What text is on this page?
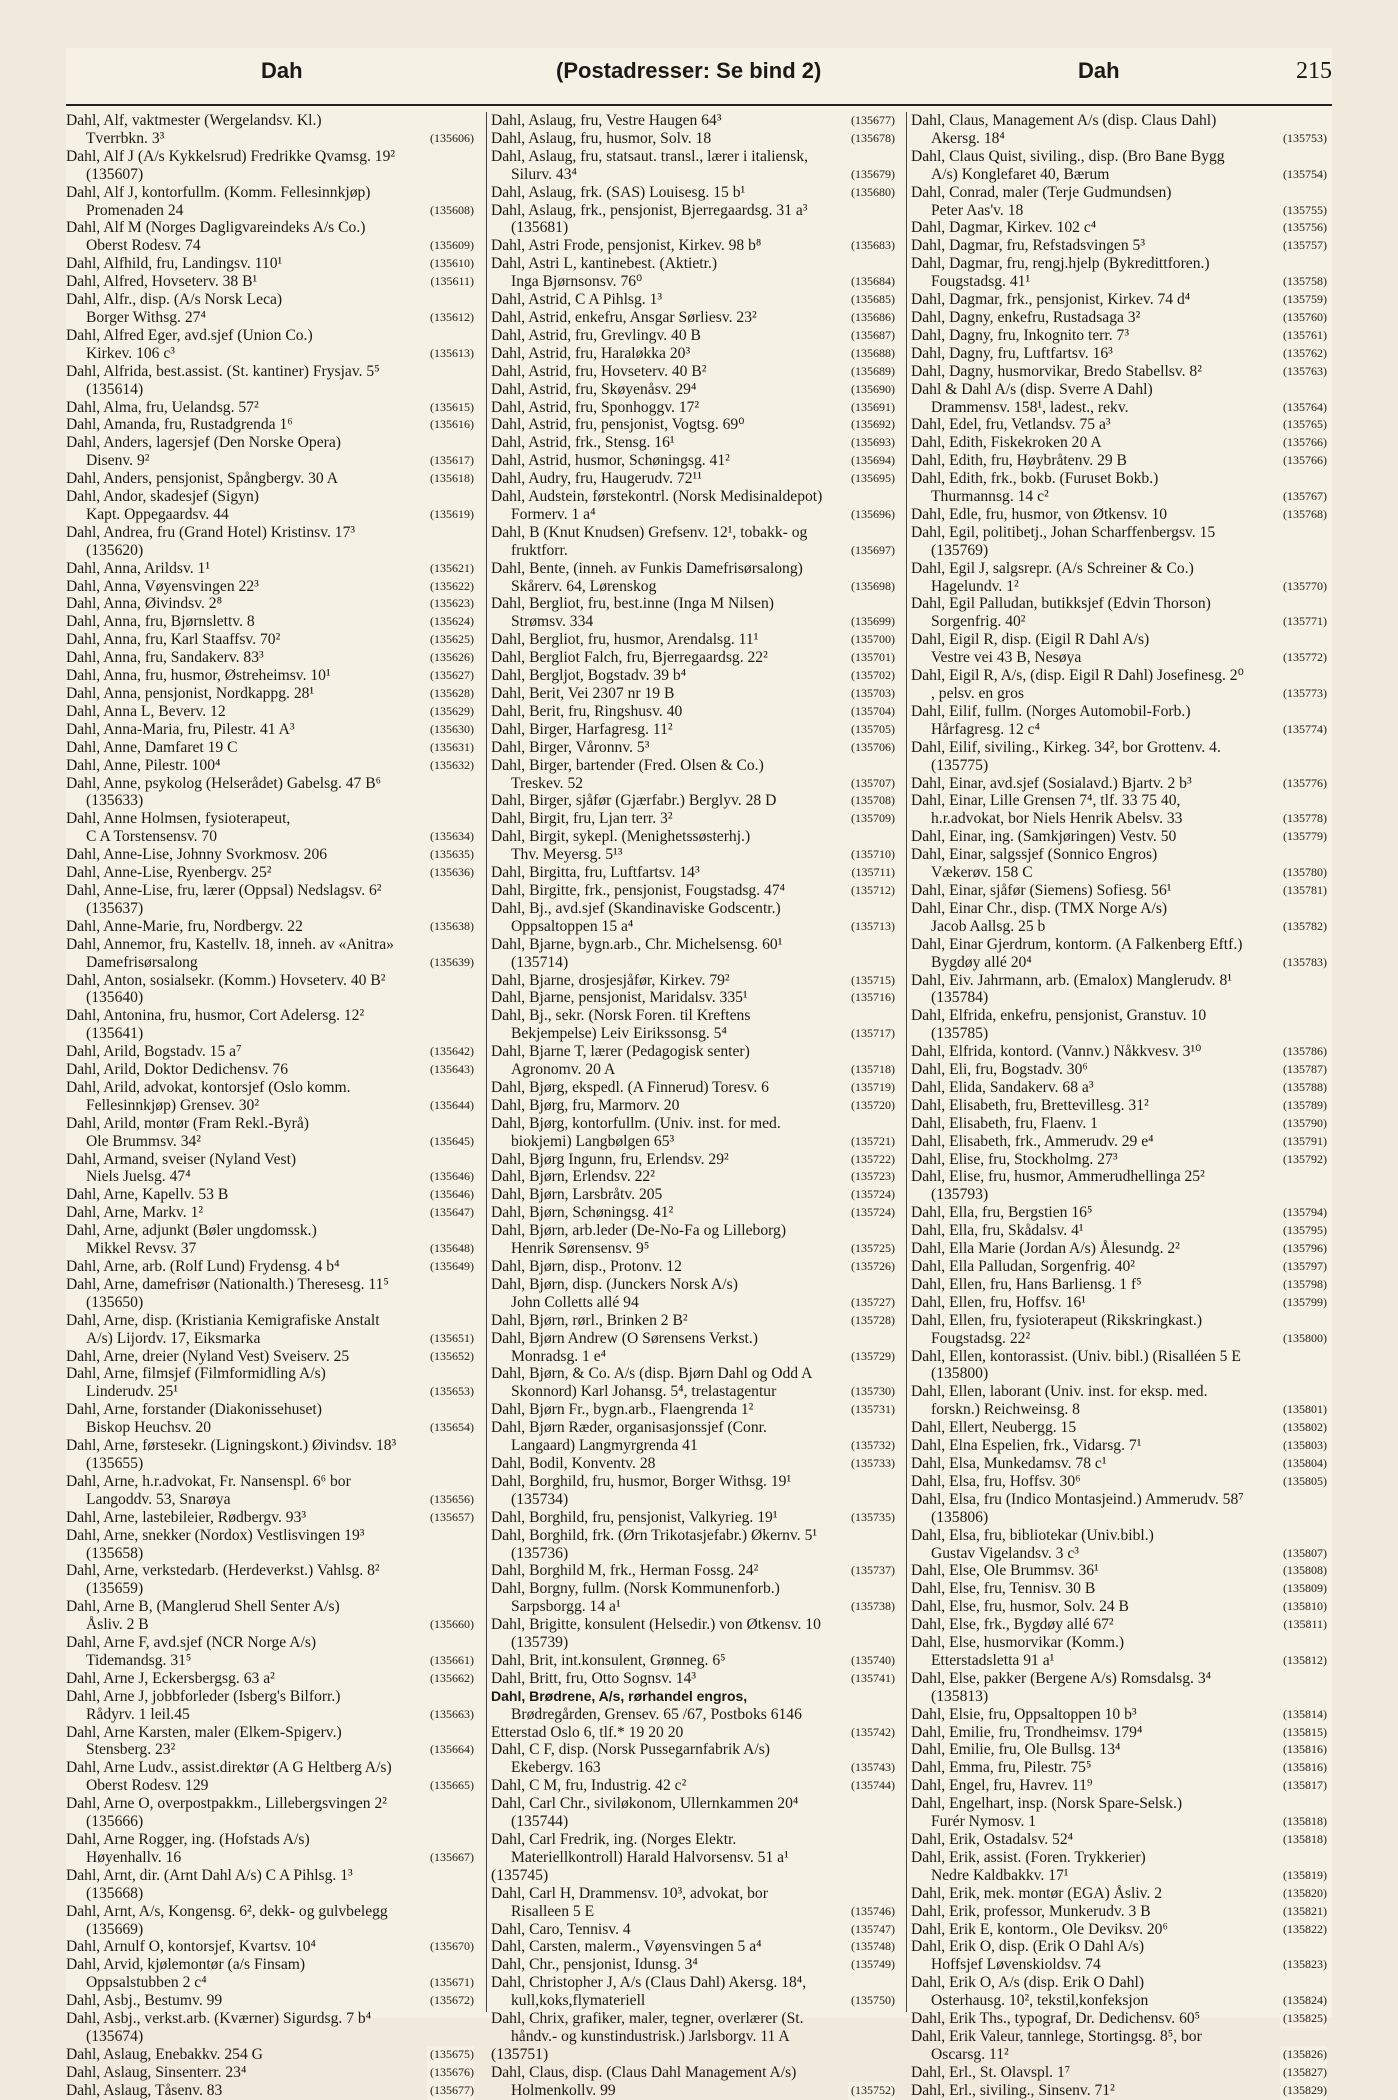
Dah	(Postadresser: Se bind 2)	Dah	215
Dahl, Alf, vaktmester (Wergelandsv. Kl.)
Tverrbkn. 3³	(135606)
Dahl, Alf J (A/s Kykkelsrud) Fredrikke Qvamsg. 19²
(135607)
Dahl, Alf J, kontorfullm. (Komm. Fellesinnkjøp)
Promenaden 24	(135608)
Dahl, Alf M (Norges Dagligvareindeks A/s Co.)
Oberst Rodesv. 74	(135609)
Dahl, Alfhild, fru, Landingsv. 110¹	(135610)
Dahl, Alfred, Hovseterv. 38 B¹	(135611)
Dahl, Alfr., disp. (A/s Norsk Leca)
Borger Withsg. 27⁴	(135612)
Dahl, Alfred Eger, avd.sjef (Union Co.)
Kirkev. 106 c³	(135613)
Dahl, Alfrida, best.assist. (St. kantiner) Frysjav. 5⁵
(135614)
Dahl, Alma, fru, Uelandsg. 57²	(135615)
Dahl, Amanda, fru, Rustadgrenda 1⁶	(135616)
Dahl, Anders, lagersjef (Den Norske Opera)
Disenv. 9²	(135617)
Dahl, Anders, pensjonist, Spångbergv. 30 A	(135618)
Dahl, Andor, skadesjef (Sigyn)
Kapt. Oppegaardsv. 44	(135619)
Dahl, Andrea, fru (Grand Hotel) Kristinsv. 17³
(135620)
Dahl, Anna, Arildsv. 1¹	(135621)
Dahl, Anna, Vøyensvingen 22³	(135622)
Dahl, Anna, Øivindsv. 2⁸	(135623)
Dahl, Anna, fru, Bjørnslettv. 8	(135624)
Dahl, Anna, fru, Karl Staaffsv. 70²	(135625)
Dahl, Anna, fru, Sandakerv. 83³	(135626)
Dahl, Anna, fru, husmor, Østreheimsv. 10¹	(135627)
Dahl, Anna, pensjonist, Nordkappg. 28¹	(135628)
Dahl, Anna L, Beverv. 12	(135629)
Dahl, Anna-Maria, fru, Pilestr. 41 A³	(135630)
Dahl, Anne, Damfaret 19 C	(135631)
Dahl, Anne, Pilestr. 100⁴	(135632)
Dahl, Anne, psykolog (Helserådet) Gabelsg. 47 B⁶
(135633)
Dahl, Anne Holmsen, fysioterapeut,
C A Torstensensv. 70	(135634)
Dahl, Anne-Lise, Johnny Svorkmosv. 206	(135635)
Dahl, Anne-Lise, Ryenbergv. 25²	(135636)
Dahl, Anne-Lise, fru, lærer (Oppsal) Nedslagsv. 6²
(135637)
Dahl, Anne-Marie, fru, Nordbergv. 22	(135638)
Dahl, Annemor, fru, Kastellv. 18, inneh. av «Anitra»
Damefrisørsalong	(135639)
Dahl, Anton, sosialsekr. (Komm.) Hovseterv. 40 B²
(135640)
Dahl, Antonina, fru, husmor, Cort Adelersg. 12²
(135641)
Dahl, Arild, Bogstadv. 15 a⁷	(135642)
Dahl, Arild, Doktor Dedichensv. 76	(135643)
Dahl, Arild, advokat, kontorsjef (Oslo komm.
Fellesinnkjøp) Grensev. 30²	(135644)
Dahl, Arild, montør (Fram Rekl.-Byrå)
Ole Brummsv. 34²	(135645)
Dahl, Armand, sveiser (Nyland Vest)
Niels Juelsg. 47⁴	(135646)
Dahl, Arne, Kapellv. 53 B	(135646)
Dahl, Arne, Markv. 1²	(135647)
Dahl, Arne, adjunkt (Bøler ungdomssk.)
Mikkel Revsv. 37	(135648)
Dahl, Arne, arb. (Rolf Lund) Frydensg. 4 b⁴	(135649)
Dahl, Arne, damefrisør (Nationalth.) Theresesg. 11⁵
(135650)
Dahl, Arne, disp. (Kristiania Kemigrafiske Anstalt
A/s) Lijordv. 17, Eiksmarka	(135651)
Dahl, Arne, dreier (Nyland Vest) Sveiserv. 25	(135652)
Dahl, Arne, filmsjef (Filmformidling A/s)
Linderudv. 25¹	(135653)
Dahl, Arne, forstander (Diakonissehuset)
Biskop Heuchsv. 20	(135654)
Dahl, Arne, førstesekr. (Ligningskont.) Øivindsv. 18³
(135655)
Dahl, Arne, h.r.advokat, Fr. Nansenspl. 6⁶ bor
Langoddv. 53, Snarøya	(135656)
Dahl, Arne, lastebileier, Rødbergv. 93³	(135657)
Dahl, Arne, snekker (Nordox) Vestlisvingen 19³
(135658)
Dahl, Arne, verkstedarb. (Herdeverkst.) Vahlsg. 8²
(135659)
Dahl, Arne B, (Manglerud Shell Senter A/s)
Åsliv. 2 B	(135660)
Dahl, Arne F, avd.sjef (NCR Norge A/s)
Tidemandsg. 31⁵	(135661)
Dahl, Arne J, Eckersbergsg. 63 a²	(135662)
Dahl, Arne J, jobbforleder (Isberg's Bilforr.)
Rådyrv. 1 leil.45	(135663)
Dahl, Arne Karsten, maler (Elkem-Spigerv.)
Stensberg. 23²	(135664)
Dahl, Arne Ludv., assist.direktør (A G Heltberg A/s)
Oberst Rodesv. 129	(135665)
Dahl, Arne O, overpostpakkm., Lillebergsvingen 2²
(135666)
Dahl, Arne Rogger, ing. (Hofstads A/s)
Høyenhallv. 16	(135667)
Dahl, Arnt, dir. (Arnt Dahl A/s) C A Pihlsg. 1³
(135668)
Dahl, Arnt, A/s, Kongensg. 6², dekk- og gulvbelegg
(135669)
Dahl, Arnulf O, kontorsjef, Kvartsv. 10⁴	(135670)
Dahl, Arvid, kjølemontør (a/s Finsam)
Oppsalstubben 2 c⁴	(135671)
Dahl, Asbj., Bestumv. 99	(135672)
Dahl, Asbj., verkst.arb. (Kværner) Sigurdsg. 7 b⁴
(135674)
Dahl, Aslaug, Enebakkv. 254 G	(135675)
Dahl, Aslaug, Sinsenterr. 23⁴	(135676)
Dahl, Aslaug, Tåsenv. 83	(135677)
Dahl, Aslaug, fru, Vestre Haugen 64³	(135677)
Dahl, Aslaug, fru, husmor, Solv. 18	(135678)
Dahl, Aslaug, fru, statsaut. transl., lærer i italiensk,
Silurv. 43⁴	(135679)
Dahl, Aslaug, frk. (SAS) Louisesg. 15 b¹	(135680)
Dahl, Aslaug, frk., pensjonist, Bjerregaardsg. 31 a³
(135681)
Dahl, Astri Frode, pensjonist, Kirkev. 98 b⁸	(135683)
Dahl, Astri L, kantinebest. (Aktietr.)
Inga Bjørnsonsv. 76⁰	(135684)
Dahl, Astrid, C A Pihlsg. 1³	(135685)
Dahl, Astrid, enkefru, Ansgar Sørliesv. 23²	(135686)
Dahl, Astrid, fru, Grevlingv. 40 B	(135687)
Dahl, Astrid, fru, Haraløkka 20³	(135688)
Dahl, Astrid, fru, Hovseterv. 40 B²	(135689)
Dahl, Astrid, fru, Skøyenåsv. 29⁴	(135690)
Dahl, Astrid, fru, Sponhoggv. 17²	(135691)
Dahl, Astrid, fru, pensjonist, Vogtsg. 69⁰	(135692)
Dahl, Astrid, frk., Stensg. 16¹	(135693)
Dahl, Astrid, husmor, Schøningsg. 41²	(135694)
Dahl, Audry, fru, Haugerudv. 72¹¹	(135695)
Dahl, Audstein, førstekontrl. (Norsk Medisinaldepot)
Formerv. 1 a⁴	(135696)
Dahl, B (Knut Knudsen) Grefsenv. 12¹, tobakk- og
fruktforr.	(135697)
Dahl, Bente, (inneh. av Funkis Damefrisørsalong)
Skårerv. 64, Lørenskog	(135698)
Dahl, Bergliot, fru, best.inne (Inga M Nilsen)
Strømsv. 334	(135699)
Dahl, Bergliot, fru, husmor, Arendalsg. 11¹	(135700)
Dahl, Bergliot Falch, fru, Bjerregaardsg. 22²	(135701)
Dahl, Bergljot, Bogstadv. 39 b⁴	(135702)
Dahl, Berit, Vei 2307 nr 19 B	(135703)
Dahl, Berit, fru, Ringshusv. 40	(135704)
Dahl, Birger, Harfagresg. 11²	(135705)
Dahl, Birger, Våronnv. 5³	(135706)
Dahl, Birger, bartender (Fred. Olsen & Co.)
Treskev. 52	(135707)
Dahl, Birger, sjåfør (Gjærfabr.) Berglyv. 28 D	(135708)
Dahl, Birgit, fru, Ljan terr. 3²	(135709)
Dahl, Birgit, sykepl. (Menighetssøsterhj.)
Thv. Meyersg. 5¹³	(135710)
Dahl, Birgitta, fru, Luftfartsv. 14³	(135711)
Dahl, Birgitte, frk., pensjonist, Fougstadsg. 47⁴	(135712)
Dahl, Bj., avd.sjef (Skandinaviske Godscentr.)
Oppsaltoppen 15 a⁴	(135713)
Dahl, Bjarne, bygn.arb., Chr. Michelsensg. 60¹
(135714)
Dahl, Bjarne, drosjesjåfør, Kirkev. 79²	(135715)
Dahl, Bjarne, pensjonist, Maridalsv. 335¹	(135716)
Dahl, Bj., sekr. (Norsk Foren. til Kreftens
Bekjempelse) Leiv Eirikssonsg. 5⁴	(135717)
Dahl, Bjarne T, lærer (Pedagogisk senter)
Agronomv. 20 A	(135718)
Dahl, Bjørg, ekspedl. (A Finnerud) Toresv. 6	(135719)
Dahl, Bjørg, fru, Marmorv. 20	(135720)
Dahl, Bjørg, kontorfullm. (Univ. inst. for med.
biokjemi) Langbølgen 65³	(135721)
Dahl, Bjørg Ingunn, fru, Erlendsv. 29²	(135722)
Dahl, Bjørn, Erlendsv. 22²	(135723)
Dahl, Bjørn, Larsbråtv. 205	(135724)
Dahl, Bjørn, Schøningsg. 41²	(135724)
Dahl, Bjørn, arb.leder (De-No-Fa og Lilleborg)
Henrik Sørensensv. 9⁵	(135725)
Dahl, Bjørn, disp., Protonv. 12	(135726)
Dahl, Bjørn, disp. (Junckers Norsk A/s)
John Colletts allé 94	(135727)
Dahl, Bjørn, rørl., Brinken 2 B²	(135728)
Dahl, Bjørn Andrew (O Sørensens Verkst.)
Monradsg. 1 e⁴	(135729)
Dahl, Bjørn, & Co. A/s (disp. Bjørn Dahl og Odd A
Skonnord) Karl Johansg. 5⁴, trelastagentur	(135730)
Dahl, Bjørn Fr., bygn.arb., Flaengrenda 1²	(135731)
Dahl, Bjørn Ræder, organisasjonssjef (Conr.
Langaard) Langmyrgrenda 41	(135732)
Dahl, Bodil, Konventv. 28	(135733)
Dahl, Borghild, fru, husmor, Borger Withsg. 19¹
(135734)
Dahl, Borghild, fru, pensjonist, Valkyrieg. 19¹	(135735)
Dahl, Borghild, frk. (Ørn Trikotasjefabr.) Økernv. 5¹
(135736)
Dahl, Borghild M, frk., Herman Fossg. 24²	(135737)
Dahl, Borgny, fullm. (Norsk Kommunenforb.)
Sarpsborgg. 14 a¹	(135738)
Dahl, Brigitte, konsulent (Helsedir.) von Øtkensv. 10
(135739)
Dahl, Brit, int.konsulent, Grønneg. 6⁵	(135740)
Dahl, Britt, fru, Otto Sognsv. 14³	(135741)
Dahl, Brødrene, A/s, rørhandel engros,
Brødregården, Grensev. 65 /67, Postboks 6146
Etterstad Oslo 6, tlf.* 19 20 20	(135742)
Dahl, C F, disp. (Norsk Pussegarnfabrik A/s)
Ekebergv. 163	(135743)
Dahl, C M, fru, Industrig. 42 c²	(135744)
Dahl, Carl Chr., siviløkonom, Ullernkammen 20⁴
(135744)
Dahl, Carl Fredrik, ing. (Norges Elektr.
Materiellkontroll) Harald Halvorsensv. 51 a¹
(135745)
Dahl, Carl H, Drammensv. 10³, advokat, bor
Risalleen 5 E	(135746)
Dahl, Caro, Tennisv. 4	(135747)
Dahl, Carsten, malerm., Vøyensvingen 5 a⁴	(135748)
Dahl, Chr., pensjonist, Idunsg. 3⁴	(135749)
Dahl, Christopher J, A/s (Claus Dahl) Akersg. 18⁴,
kull,koks,flymateriell	(135750)
Dahl, Chrix, grafiker, maler, tegner, overlærer (St.
håndv.- og kunstindustrisk.) Jarlsborgv. 11 A
(135751)
Dahl, Claus, disp. (Claus Dahl Management A/s)
Holmenkollv. 99	(135752)
Dahl, Claus, Management A/s (disp. Claus Dahl)
Akersg. 18⁴	(135753)
Dahl, Claus Quist, siviling., disp. (Bro Bane Bygg
A/s) Konglefaret 40, Bærum	(135754)
Dahl, Conrad, maler (Terje Gudmundsen)
Peter Aas'v. 18	(135755)
Dahl, Dagmar, Kirkev. 102 c⁴	(135756)
Dahl, Dagmar, fru, Refstadsvingen 5³	(135757)
Dahl, Dagmar, fru, rengj.hjelp (Bykredittforen.)
Fougstadsg. 41¹	(135758)
Dahl, Dagmar, frk., pensjonist, Kirkev. 74 d⁴	(135759)
Dahl, Dagny, enkefru, Rustadsaga 3²	(135760)
Dahl, Dagny, fru, Inkognito terr. 7³	(135761)
Dahl, Dagny, fru, Luftfartsv. 16³	(135762)
Dahl, Dagny, husmorvikar, Bredo Stabellsv. 8²	(135763)
Dahl & Dahl A/s (disp. Sverre A Dahl)
Drammensv. 158¹, ladest., rekv.	(135764)
Dahl, Edel, fru, Vetlandsv. 75 a³	(135765)
Dahl, Edith, Fiskekroken 20 A	(135766)
Dahl, Edith, fru, Høybråtenv. 29 B	(135766)
Dahl, Edith, frk., bokb. (Furuset Bokb.)
Thurmannsg. 14 c²	(135767)
Dahl, Edle, fru, husmor, von Øtkensv. 10	(135768)
Dahl, Egil, politibetj., Johan Scharffenbergsv. 15
(135769)
Dahl, Egil J, salgsrepr. (A/s Schreiner & Co.)
Hagelundv. 1²	(135770)
Dahl, Egil Palludan, butikksjef (Edvin Thorson)
Sorgenfrig. 40²	(135771)
Dahl, Eigil R, disp. (Eigil R Dahl A/s)
Vestre vei 43 B, Nesøya	(135772)
Dahl, Eigil R, A/s, (disp. Eigil R Dahl) Josefinesg. 2⁰
, pelsv. en gros	(135773)
Dahl, Eilif, fullm. (Norges Automobil-Forb.)
Hårfagresg. 12 c⁴	(135774)
Dahl, Eilif, siviling., Kirkeg. 34², bor Grottenv. 4.
(135775)
Dahl, Einar, avd.sjef (Sosialavd.) Bjartv. 2 b³	(135776)
Dahl, Einar, Lille Grensen 7⁴, tlf. 33 75 40,
h.r.advokat, bor Niels Henrik Abelsv. 33	(135778)
Dahl, Einar, ing. (Samkjøringen) Vestv. 50	(135779)
Dahl, Einar, salgssjef (Sonnico Engros)
Vækerøv. 158 C	(135780)
Dahl, Einar, sjåfør (Siemens) Sofiesg. 56¹	(135781)
Dahl, Einar Chr., disp. (TMX Norge A/s)
Jacob Aallsg. 25 b	(135782)
Dahl, Einar Gjerdrum, kontorm. (A Falkenberg Eftf.)
Bygdøy allé 20⁴	(135783)
Dahl, Eiv. Jahrmann, arb. (Emalox) Manglerudv. 8¹
(135784)
Dahl, Elfrida, enkefru, pensjonist, Granstuv. 10
(135785)
Dahl, Elfrida, kontord. (Vannv.) Nåkkvesv. 3¹⁰	(135786)
Dahl, Eli, fru, Bogstadv. 30⁶	(135787)
Dahl, Elida, Sandakerv. 68 a³	(135788)
Dahl, Elisabeth, fru, Brettevillesg. 31²	(135789)
Dahl, Elisabeth, fru, Flaenv. 1	(135790)
Dahl, Elisabeth, frk., Ammerudv. 29 e⁴	(135791)
Dahl, Elise, fru, Stockholmg. 27³	(135792)
Dahl, Elise, fru, husmor, Ammerudhellinga 25²
(135793)
Dahl, Ella, fru, Bergstien 16⁵	(135794)
Dahl, Ella, fru, Skådalsv. 4¹	(135795)
Dahl, Ella Marie (Jordan A/s) Ålesundg. 2²	(135796)
Dahl, Ella Palludan, Sorgenfrig. 40²	(135797)
Dahl, Ellen, fru, Hans Barliensg. 1 f⁵	(135798)
Dahl, Ellen, fru, Hoffsv. 16¹	(135799)
Dahl, Ellen, fru, fysioterapeut (Rikskringkast.)
Fougstadsg. 22²	(135800)
Dahl, Ellen, kontorassist. (Univ. bibl.) (Risalléen 5 E
(135800)
Dahl, Ellen, laborant (Univ. inst. for eksp. med.
forskn.) Reichweinsg. 8	(135801)
Dahl, Ellert, Neubergg. 15	(135802)
Dahl, Elna Espelien, frk., Vidarsg. 7¹	(135803)
Dahl, Elsa, Munkedamsv. 78 c¹	(135804)
Dahl, Elsa, fru, Hoffsv. 30⁶	(135805)
Dahl, Elsa, fru (Indico Montasjeind.) Ammerudv. 58⁷
(135806)
Dahl, Elsa, fru, bibliotekar (Univ.bibl.)
Gustav Vigelandsv. 3 c³	(135807)
Dahl, Else, Ole Brummsv. 36¹	(135808)
Dahl, Else, fru, Tennisv. 30 B	(135809)
Dahl, Else, fru, husmor, Solv. 24 B	(135810)
Dahl, Else, frk., Bygdøy allé 67²	(135811)
Dahl, Else, husmorvikar (Komm.)
Etterstadsletta 91 a¹	(135812)
Dahl, Else, pakker (Bergene A/s) Romsdalsg. 3⁴
(135813)
Dahl, Elsie, fru, Oppsaltoppen 10 b³	(135814)
Dahl, Emilie, fru, Trondheimsv. 179⁴	(135815)
Dahl, Emilie, fru, Ole Bullsg. 13⁴	(135816)
Dahl, Emma, fru, Pilestr. 75⁵	(135816)
Dahl, Engel, fru, Havrev. 11⁹	(135817)
Dahl, Engelhart, insp. (Norsk Spare-Selsk.)
Furér Nymosv. 1	(135818)
Dahl, Erik, Ostadalsv. 52⁴	(135818)
Dahl, Erik, assist. (Foren. Trykkerier)
Nedre Kaldbakkv. 17¹	(135819)
Dahl, Erik, mek. montør (EGA) Åsliv. 2	(135820)
Dahl, Erik, professor, Munkerudv. 3 B	(135821)
Dahl, Erik E, kontorm., Ole Deviksv. 20⁶	(135822)
Dahl, Erik O, disp. (Erik O Dahl A/s)
Hoffsjef Løvenskioldsv. 74	(135823)
Dahl, Erik O, A/s (disp. Erik O Dahl)
Osterhausg. 10², tekstil,konfeksjon	(135824)
Dahl, Erik Ths., typograf, Dr. Dedichensv. 60⁵	(135825)
Dahl, Erik Valeur, tannlege, Stortingsg. 8⁵, bor
Oscarsg. 11²	(135826)
Dahl, Erl., St. Olavspl. 1⁷	(135827)
Dahl, Erl., siviling., Sinsenv. 71²	(135829)
